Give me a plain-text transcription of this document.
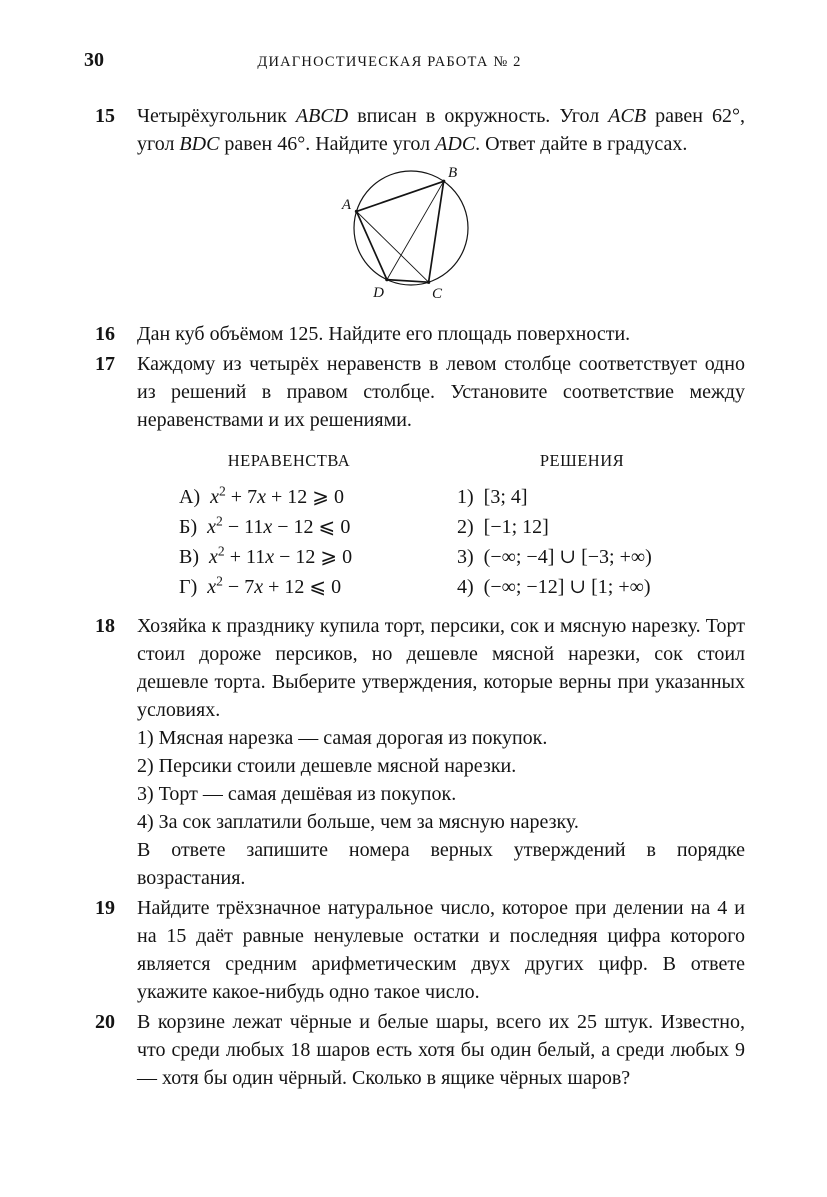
30	ДИАГНОСТИЧЕСКАЯ РАБОТА № 2
15	Четырёхугольник ABCD вписан в окружность. Угол ACB равен 62°, угол BDC равен 46°. Найдите угол ADC. Ответ дайте в градусах.
A
B
C
D
16	Дан куб объёмом 125. Найдите его площадь поверхности.
17	Каждому из четырёх неравенств в левом столбце соответствует одно из решений в правом столбце. Установите соответствие между неравенствами и их решениями.
НЕРАВЕНСТВА	РЕШЕНИЯ
А)  $x^2 + 7x + 12$ ⩾ 0	1)  [3; 4]
Б)  $x^2 - 11x - 12$ ⩽ 0	2)  [−1; 12]
В)  $x^2 + 11x - 12$ ⩾ 0	3)  (−∞; −4] ∪ [−3; +∞)
Г)  $x^2 - 7x + 12$ ⩽ 0	4)  (−∞; −12] ∪ [1; +∞)
18	Хозяйка к празднику купила торт, персики, сок и мясную нарезку. Торт стоил дороже персиков, но дешевле мясной нарезки, сок стоил дешевле торта. Выберите утверждения, которые верны при указанных условиях.
1) Мясная нарезка — самая дорогая из покупок.
2) Персики стоили дешевле мясной нарезки.
3) Торт — самая дешёвая из покупок.
4) За сок заплатили больше, чем за мясную нарезку.
В ответе запишите номера верных утверждений в порядке возрастания.
19	Найдите трёхзначное натуральное число, которое при делении на 4 и на 15 даёт равные ненулевые остатки и последняя цифра которого является средним арифметическим двух других цифр. В ответе укажите какое-нибудь одно такое число.
20	В корзине лежат чёрные и белые шары, всего их 25 штук. Известно, что среди любых 18 шаров есть хотя бы один белый, а среди любых 9 — хотя бы один чёрный. Сколько в ящике чёрных шаров?
